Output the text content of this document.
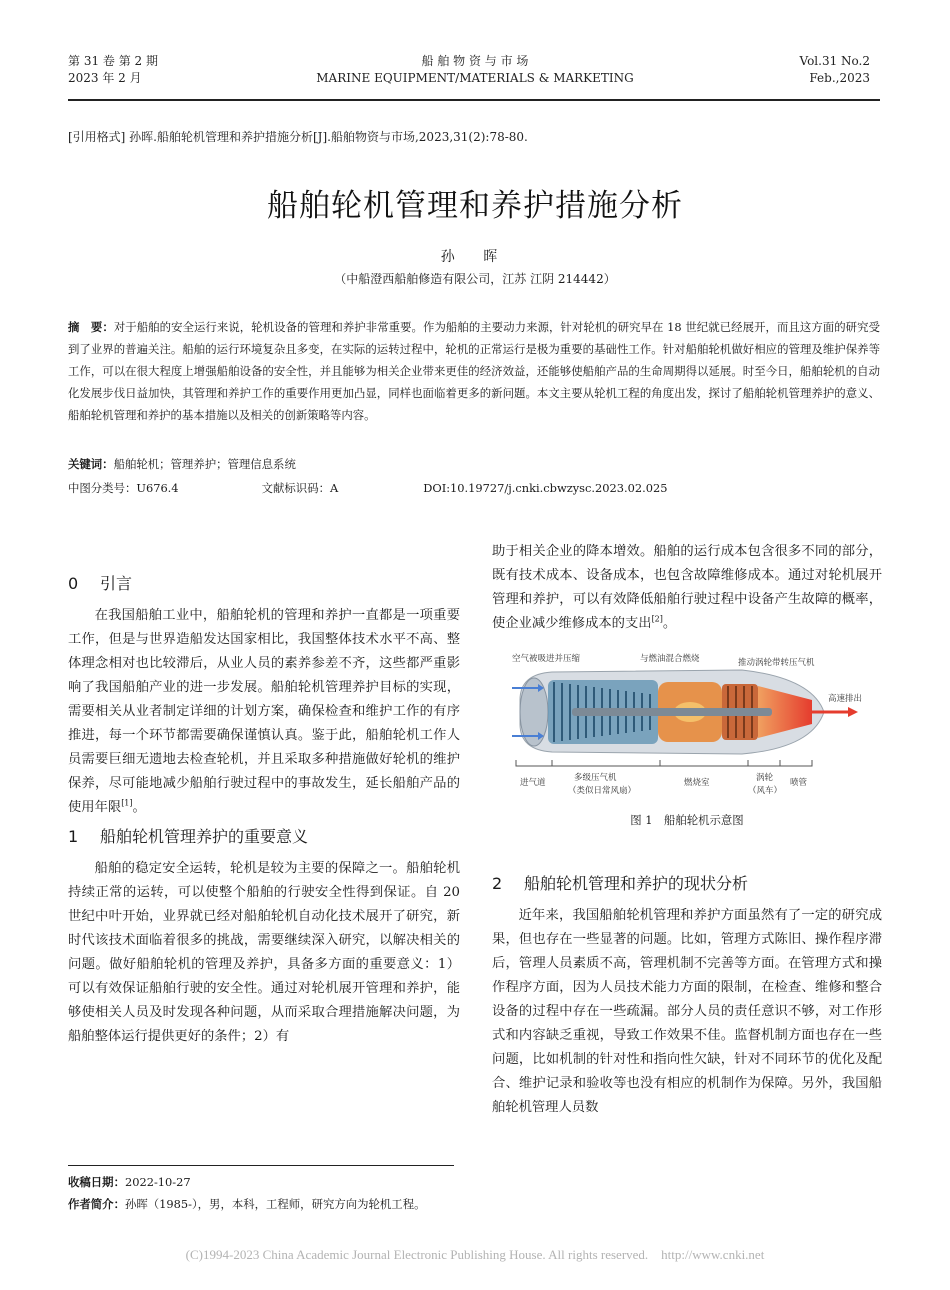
第 31 卷 第 2 期
2023 年 2 月
船 舶 物 资 与 市 场
MARINE EQUIPMENT/MATERIALS & MARKETING
Vol.31 No.2
Feb.,2023
[引用格式] 孙晖.船舶轮机管理和养护措施分析[J].船舶物资与市场,2023,31(2):78-80.
船舶轮机管理和养护措施分析
孙 晖
（中船澄西船舶修造有限公司，江苏 江阴 214442）
摘　要：对于船舶的安全运行来说，轮机设备的管理和养护非常重要。作为船舶的主要动力来源，针对轮机的研究早在 18 世纪就已经展开，而且这方面的研究受到了业界的普遍关注。船舶的运行环境复杂且多变，在实际的运转过程中，轮机的正常运行是极为重要的基础性工作。针对船舶轮机做好相应的管理及维护保养等工作，可以在很大程度上增强船舶设备的安全性，并且能够为相关企业带来更佳的经济效益，还能够使船舶产品的生命周期得以延展。时至今日，船舶轮机的自动化发展步伐日益加快，其管理和养护工作的重要作用更加凸显，同样也面临着更多的新问题。本文主要从轮机工程的角度出发，探讨了船舶轮机管理养护的意义、船舶轮机管理和养护的基本措施以及相关的创新策略等内容。
关键词：船舶轮机；管理养护；管理信息系统
中图分类号：U676.4	文献标识码：A	DOI:10.19727/j.cnki.cbwzysc.2023.02.025
0 引言

在我国船舶工业中，船舶轮机的管理和养护一直都是一项重要工作，但是与世界造船发达国家相比，我国整体技术水平不高、整体理念相对也比较滞后，从业人员的素养参差不齐，这些都严重影响了我国船舶产业的进一步发展。船舶轮机管理养护目标的实现，需要相关从业者制定详细的计划方案，确保检查和维护工作的有序推进，每一个环节都需要确保谨慎认真。鉴于此，船舶轮机工作人员需要巨细无遗地去检查轮机，并且采取多种措施做好轮机的维护保养，尽可能地减少船舶行驶过程中的事故发生，延长船舶产品的使用年限[1]。

1 船舶轮机管理养护的重要意义

船舶的稳定安全运转，轮机是较为主要的保障之一。船舶轮机持续正常的运转，可以使整个船舶的行驶安全性得到保证。自 20 世纪中叶开始，业界就已经对船舶轮机自动化技术展开了研究，新时代该技术面临着很多的挑战，需要继续深入研究，以解决相关的问题。做好船舶轮机的管理及养护，具备多方面的重要意义：1）可以有效保证船舶行驶的安全性。通过对轮机展开管理和养护，能够使相关人员及时发现各种问题，从而采取合理措施解决问题，为船舶整体运行提供更好的条件；2）有

助于相关企业的降本增效。船舶的运行成本包含很多不同的部分，既有技术成本、设备成本，也包含故障维修成本。通过对轮机展开管理和养护，可以有效降低船舶行驶过程中设备产生故障的概率，使企业减少维修成本的支出[2]。

空气被吸进并压缩	与燃油混合燃烧	推动涡轮带转压气机
高速排出
进气道	多级压气机
（类似日常风扇）
燃烧室	涡轮
（风车）
喷管
图 1　船舶轮机示意图
2 船舶轮机管理和养护的现状分析

近年来，我国船舶轮机管理和养护方面虽然有了一定的研究成果，但也存在一些显著的问题。比如，管理方式陈旧、操作程序滞后，管理人员素质不高，管理机制不完善等方面。在管理方式和操作程序方面，因为人员技术能力方面的限制，在检查、维修和整合设备的过程中存在一些疏漏。部分人员的责任意识不够，对工作形式和内容缺乏重视，导致工作效果不佳。监督机制方面也存在一些问题，比如机制的针对性和指向性欠缺，针对不同环节的优化及配合、维护记录和验收等也没有相应的机制作为保障。另外，我国船舶轮机管理人员数

收稿日期：2022-10-27
作者简介：孙晖（1985-），男，本科，工程师，研究方向为轮机工程。
(C)1994-2023 China Academic Journal Electronic Publishing House. All rights reserved.　http://www.cnki.net
